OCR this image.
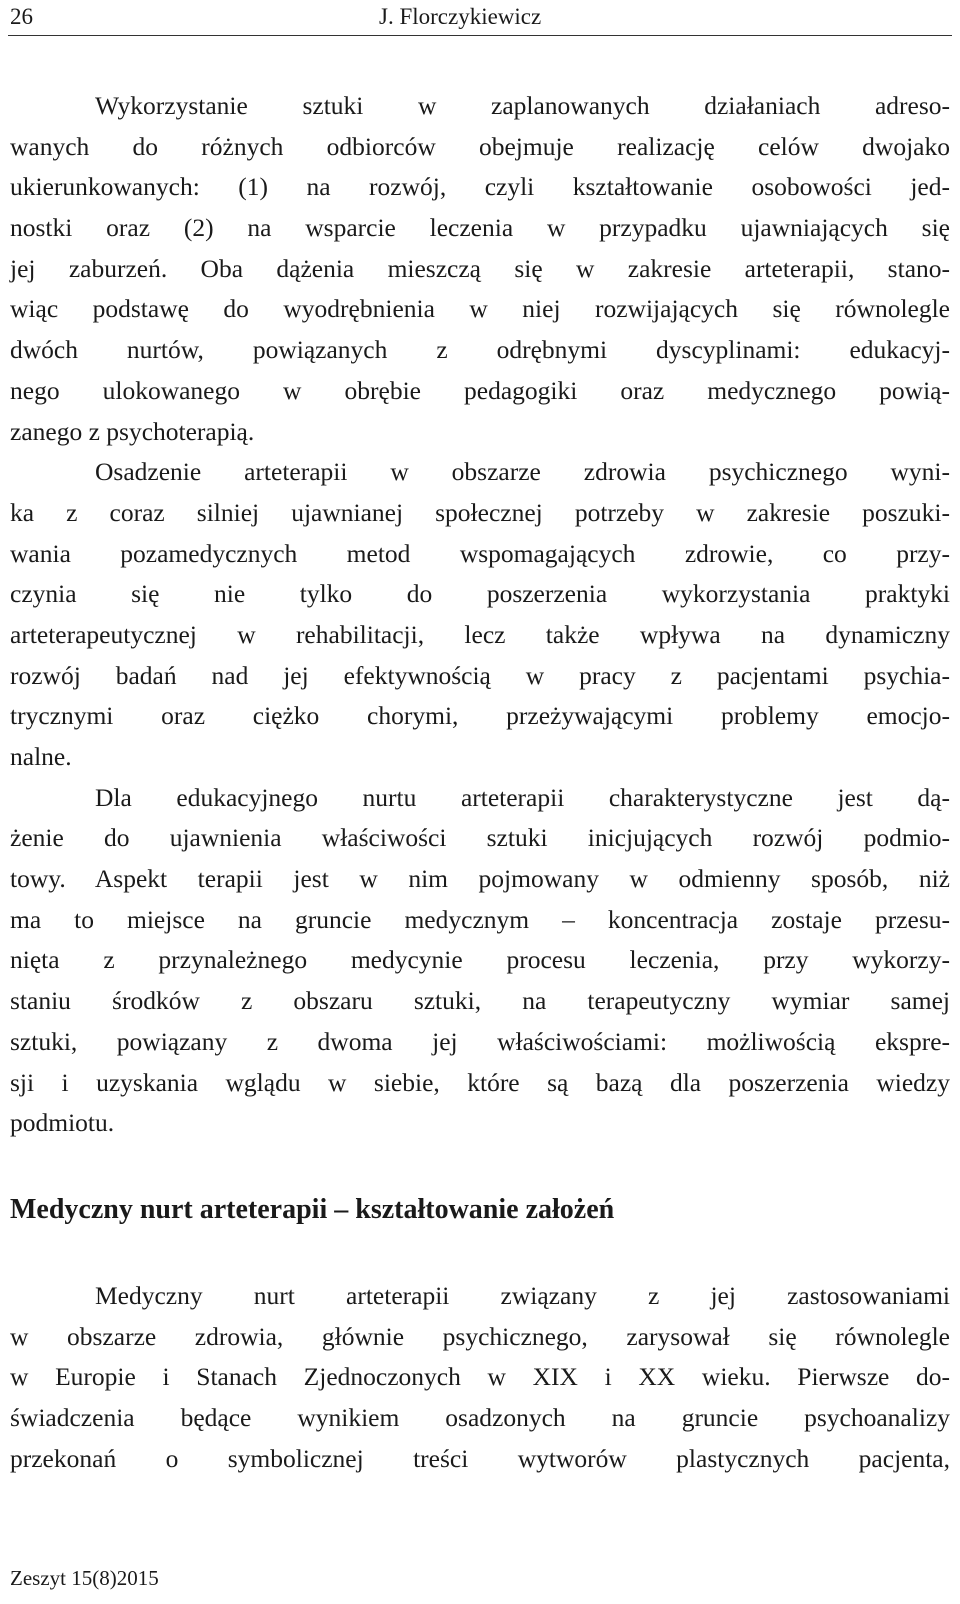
26	J. Florczykiewicz
Wykorzystanie sztuki w zaplanowanych działaniach adreso-
wanych do różnych odbiorców obejmuje realizację celów dwojako
ukierunkowanych: (1) na rozwój, czyli kształtowanie osobowości jed-
nostki oraz (2) na wsparcie leczenia w przypadku ujawniających się
jej zaburzeń. Oba dążenia mieszczą się w zakresie arteterapii, stano-
wiąc podstawę do wyodrębnienia w niej rozwijających się równolegle
dwóch nurtów, powiązanych z odrębnymi dyscyplinami: edukacyj-
nego ulokowanego w obrębie pedagogiki oraz medycznego powią-
zanego z psychoterapią.
Osadzenie arteterapii w obszarze zdrowia psychicznego wyni-
ka z coraz silniej ujawnianej społecznej potrzeby w zakresie poszuki-
wania pozamedycznych metod wspomagających zdrowie, co przy-
czynia się nie tylko do poszerzenia wykorzystania praktyki
arteterapeutycznej w rehabilitacji, lecz także wpływa na dynamiczny
rozwój badań nad jej efektywnością w pracy z pacjentami psychia-
trycznymi oraz ciężko chorymi, przeżywającymi problemy emocjo-
nalne.
Dla edukacyjnego nurtu arteterapii charakterystyczne jest dą-
żenie do ujawnienia właściwości sztuki inicjujących rozwój podmio-
towy. Aspekt terapii jest w nim pojmowany w odmienny sposób, niż
ma to miejsce na gruncie medycznym – koncentracja zostaje przesu-
nięta z przynależnego medycynie procesu leczenia, przy wykorzy-
staniu środków z obszaru sztuki, na terapeutyczny wymiar samej
sztuki, powiązany z dwoma jej właściwościami: możliwością ekspre-
sji i uzyskania wglądu w siebie, które są bazą dla poszerzenia wiedzy
podmiotu.
Medyczny nurt arteterapii – kształtowanie założeń
Medyczny nurt arteterapii związany z jej zastosowaniami
w obszarze zdrowia, głównie psychicznego, zarysował się równolegle
w Europie i Stanach Zjednoczonych w XIX i XX wieku. Pierwsze do-
świadczenia będące wynikiem osadzonych na gruncie psychoanalizy
przekonań o symbolicznej treści wytworów plastycznych pacjenta,
Zeszyt 15(8)2015
